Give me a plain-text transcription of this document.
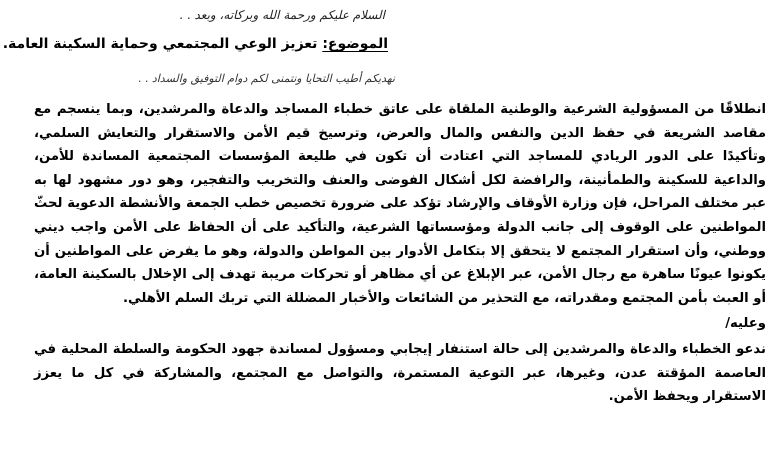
السلام عليكم ورحمة الله وبركاته، وبعد . .
الموضوع: تعزيز الوعي المجتمعي وحماية السكينة العامة.
نهديكم أطيب التحايا ونتمنى لكم دوام التوفيق والسداد . .

انطلاقًا من المسؤولية الشرعية والوطنية الملقاة على عاتق خطباء المساجد والدعاة والمرشدين، وبما ينسجم مع مقاصد الشريعة في حفظ الدين والنفس والمال والعرض، وترسيخ قيم الأمن والاستقرار والتعايش السلمي، وتأكيدًا على الدور الريادي للمساجد التي اعتادت أن تكون في طليعة المؤسسات المجتمعية المساندة للأمن، والداعية للسكينة والطمأنينة، والرافضة لكل أشكال الفوضى والعنف والتخريب والتفجير، وهو دور مشهود لها به عبر مختلف المراحل، فإن وزارة الأوقاف والإرشاد تؤكد على ضرورة تخصيص خطب الجمعة والأنشطة الدعوية لحثّ المواطنين على الوقوف إلى جانب الدولة ومؤسساتها الشرعية، والتأكيد على أن الحفاظ على الأمن واجب ديني ووطني، وأن استقرار المجتمع لا يتحقق إلا بتكامل الأدوار بين المواطن والدولة، وهو ما يفرض على المواطنين أن يكونوا عيونًا ساهرة مع رجال الأمن، عبر الإبلاغ عن أي مظاهر أو تحركات مريبة تهدف إلى الإخلال بالسكينة العامة، أو العبث بأمن المجتمع ومقدراته، مع التحذير من الشائعات والأخبار المضللة التي تربك السلم الأهلي.

وعليه/

ندعو الخطباء والدعاة والمرشدين إلى حالة استنفار إيجابي ومسؤول لمساندة جهود الحكومة والسلطة المحلية في العاصمة المؤقتة عدن، وغيرها، عبر التوعية المستمرة، والتواصل مع المجتمع، والمشاركة في كل ما يعزز الاستقرار ويحفظ الأمن.
